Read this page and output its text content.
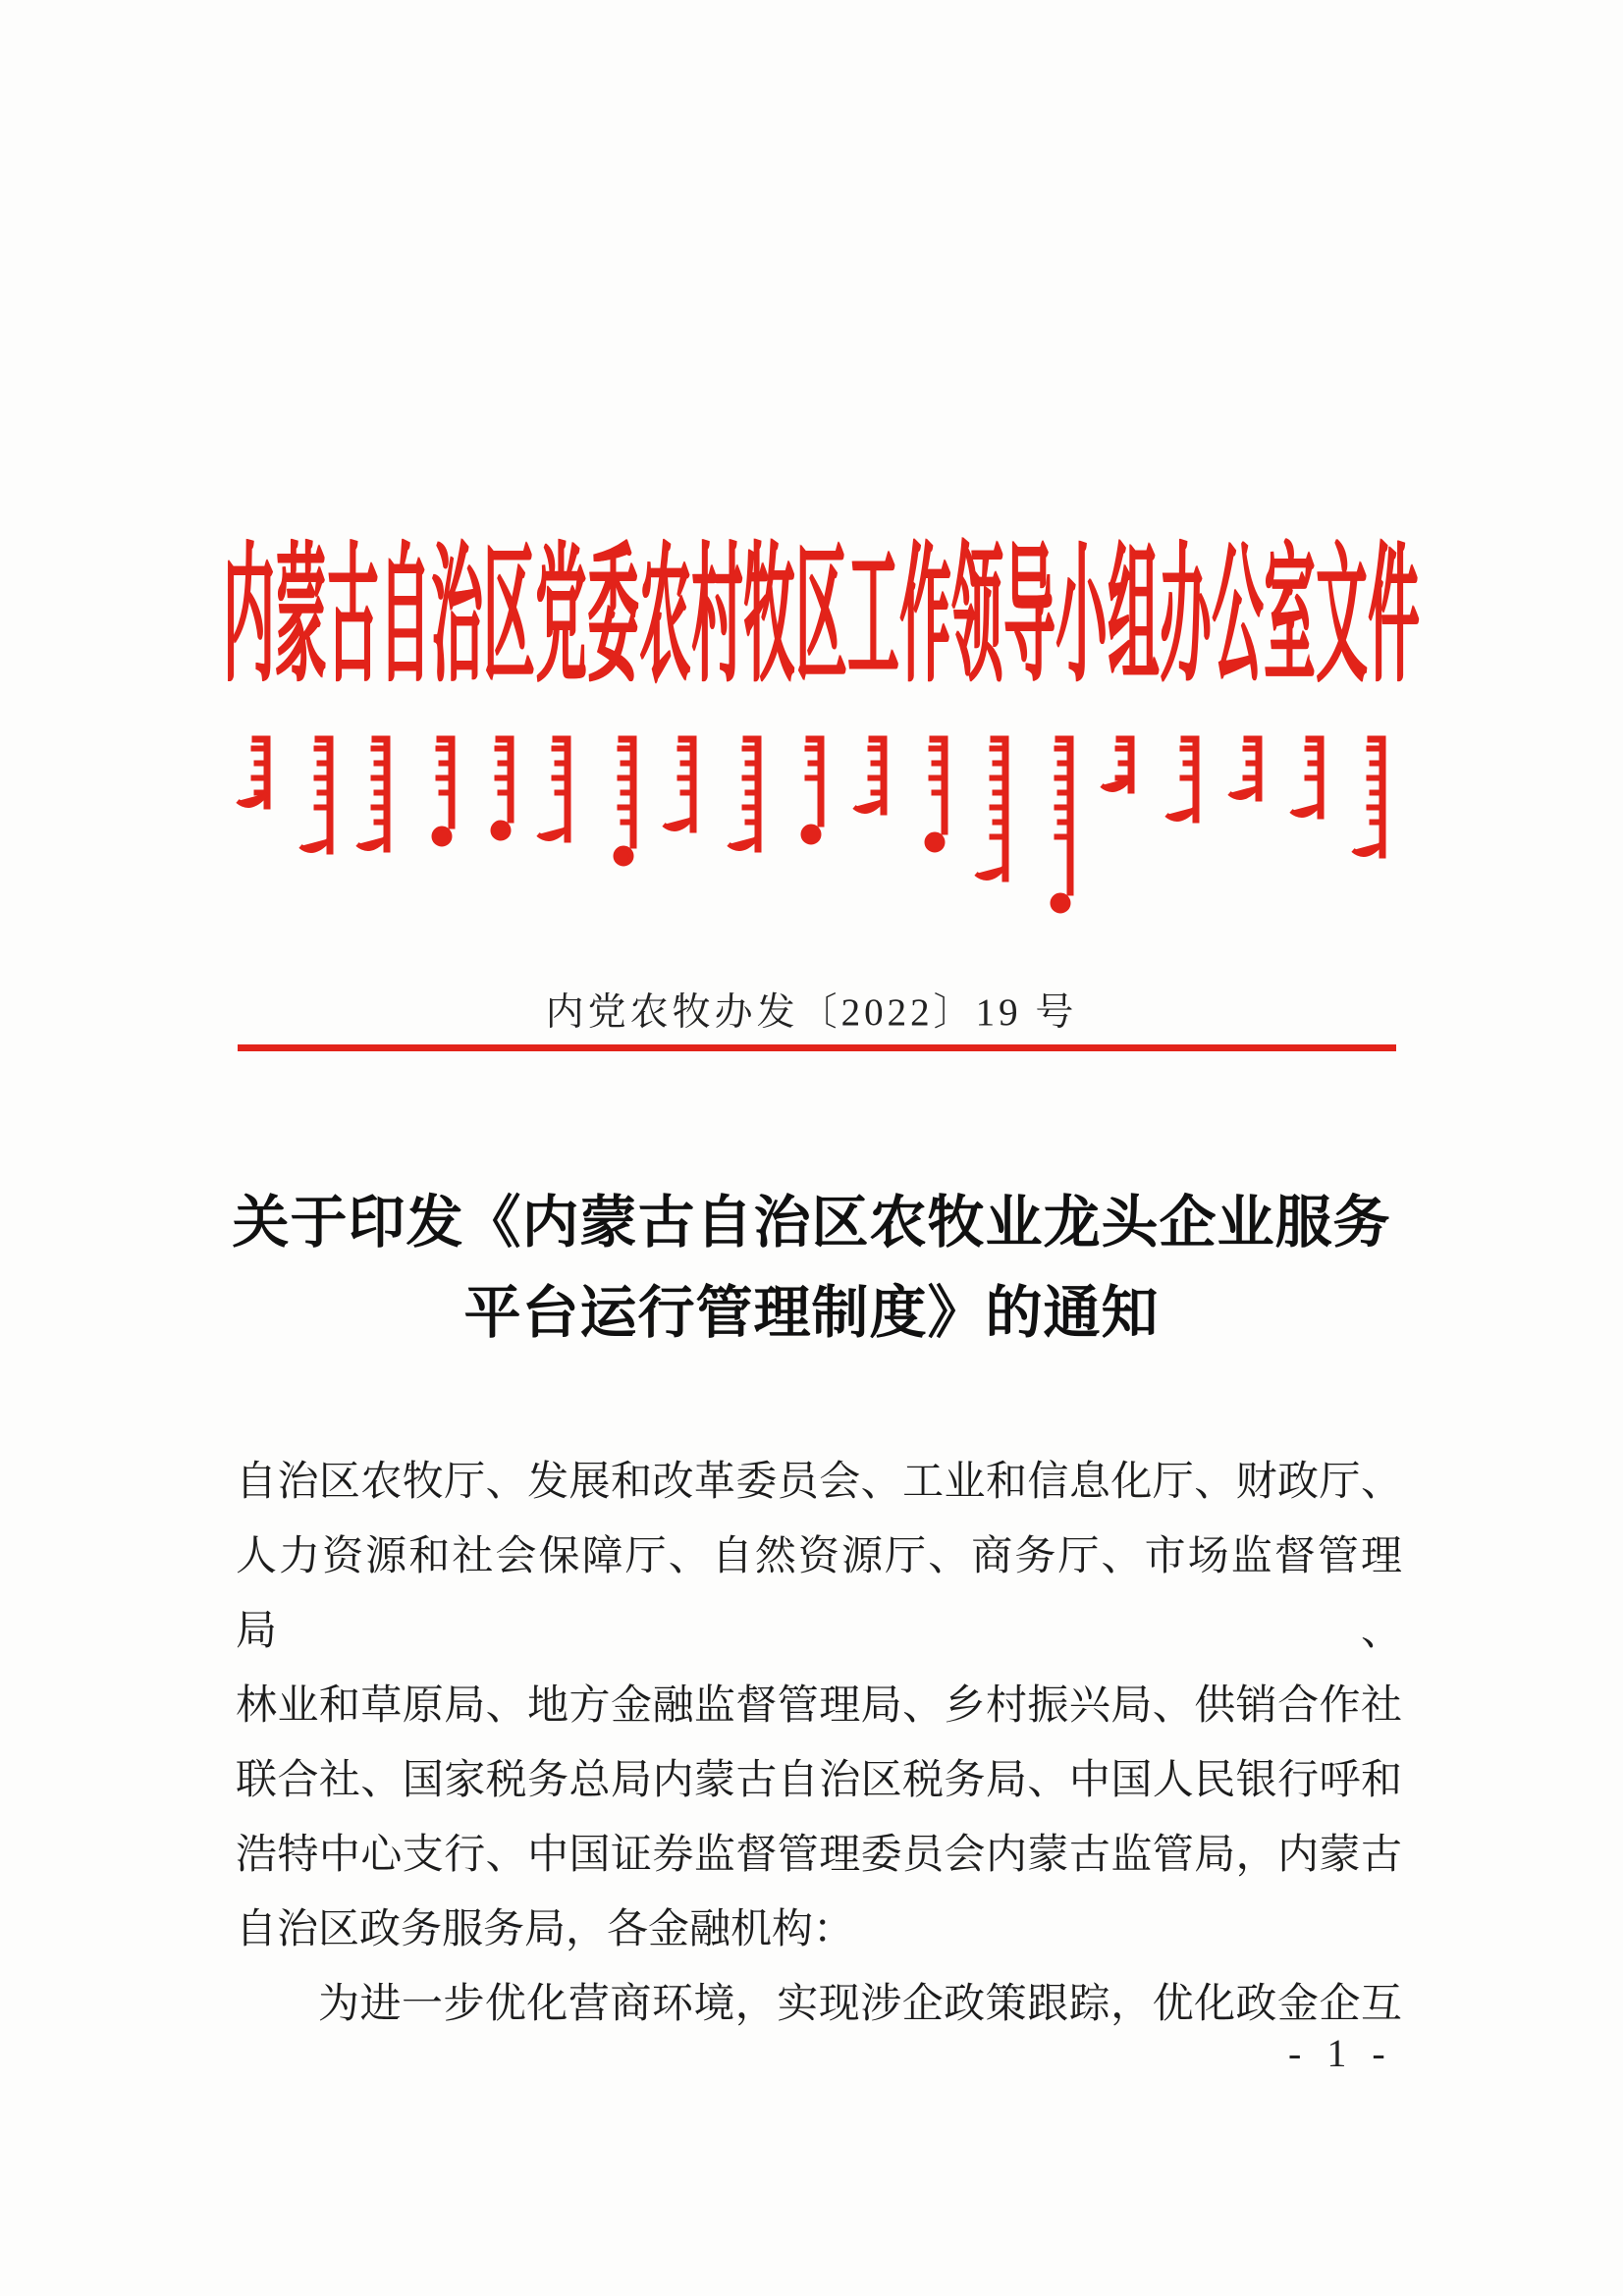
内蒙古自治区党委农村牧区工作领导小组办公室文件
内党农牧办发〔2022〕19 号
关于印发《内蒙古自治区农牧业龙头企业服务
平台运行管理制度》的通知
自治区农牧厅、发展和改革委员会、工业和信息化厅、财政厅、
人力资源和社会保障厅、自然资源厅、商务厅、市场监督管理局、
林业和草原局、地方金融监督管理局、乡村振兴局、供销合作社
联合社、国家税务总局内蒙古自治区税务局、中国人民银行呼和
浩特中心支行、中国证券监督管理委员会内蒙古监管局，内蒙古
自治区政务服务局，各金融机构：
为进一步优化营商环境，实现涉企政策跟踪，优化政金企互
- 1 -
